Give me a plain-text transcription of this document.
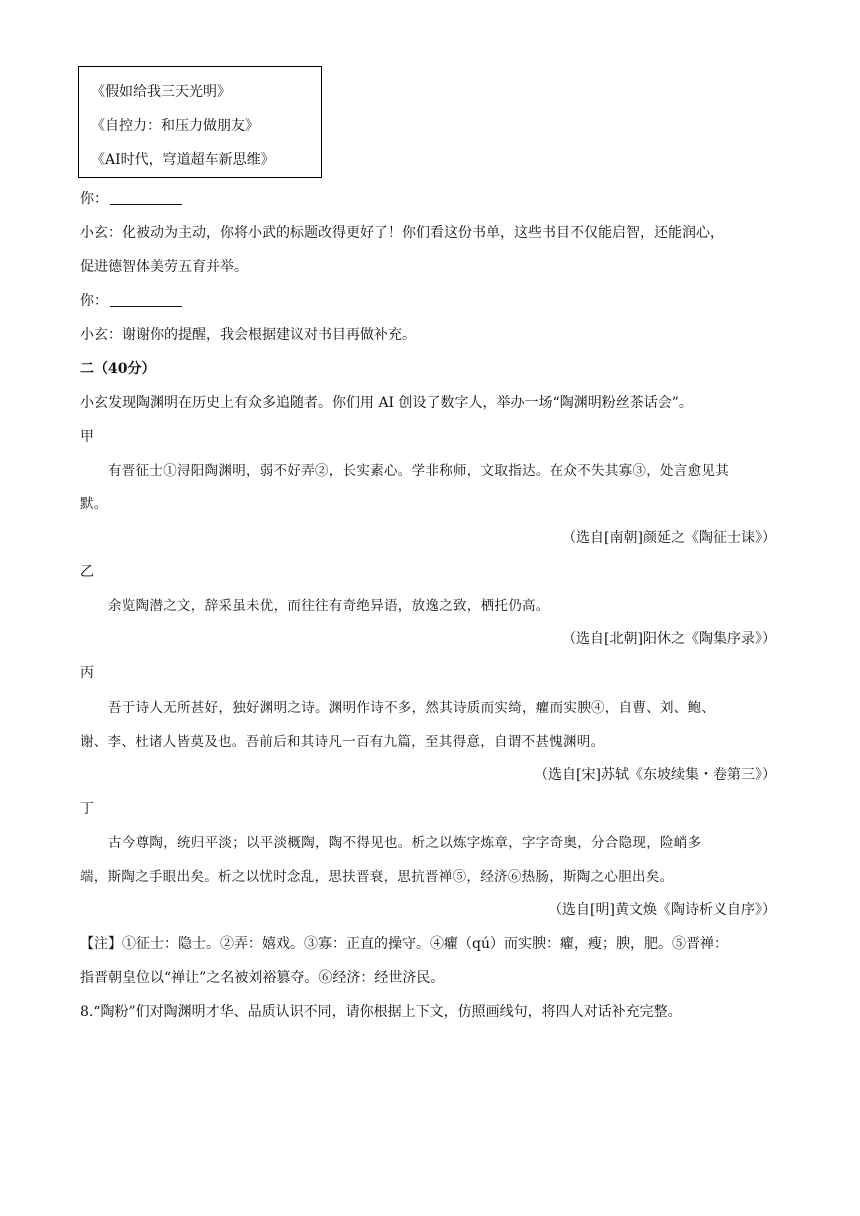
《假如给我三天光明》
《自控力：和压力做朋友》
《AI时代，穹道超车新思维》
你：
小玄：化被动为主动，你将小武的标题改得更好了！你们看这份书单，这些书目不仅能启智，还能润心，
促进德智体美劳五育并举。
你：
小玄：谢谢你的提醒，我会根据建议对书目再做补充。
二（40分）
小玄发现陶渊明在历史上有众多追随者。你们用 AI 创设了数字人，举办一场“陶渊明粉丝茶话会”。
甲
有晋征士①浔阳陶渊明，弱不好弄②，长实素心。学非称师，文取指达。在众不失其寡③，处言愈见其
默。
（选自[南朝]颜延之《陶征士诔》）
乙
余览陶潜之文，辞采虽未优，而往往有奇绝异语，放逸之致，栖托仍高。
（选自[北朝]阳休之《陶集序录》）
丙
吾于诗人无所甚好，独好渊明之诗。渊明作诗不多，然其诗质而实绮，癯而实腴④，自曹、刘、鲍、
谢、李、杜诸人皆莫及也。吾前后和其诗凡一百有九篇，至其得意，自谓不甚愧渊明。
（选自[宋]苏轼《东坡续集・卷第三》）
丁
古今尊陶，统归平淡；以平淡概陶，陶不得见也。析之以炼字炼章，字字奇奥，分合隐现，险峭多
端，斯陶之手眼出矣。析之以忧时念乱，思扶晋衰，思抗晋禅⑤，经济⑥热肠，斯陶之心胆出矣。
（选自[明]黄文焕《陶诗析义自序》）
【注】①征士：隐士。②弄：嬉戏。③寡：正直的操守。④癯（qú）而实腴：癯，瘦；腴，肥。⑤晋禅：
指晋朝皇位以“禅让”之名被刘裕篡夺。⑥经济：经世济民。
8.“陶粉”们对陶渊明才华、品质认识不同，请你根据上下文，仿照画线句，将四人对话补充完整。
